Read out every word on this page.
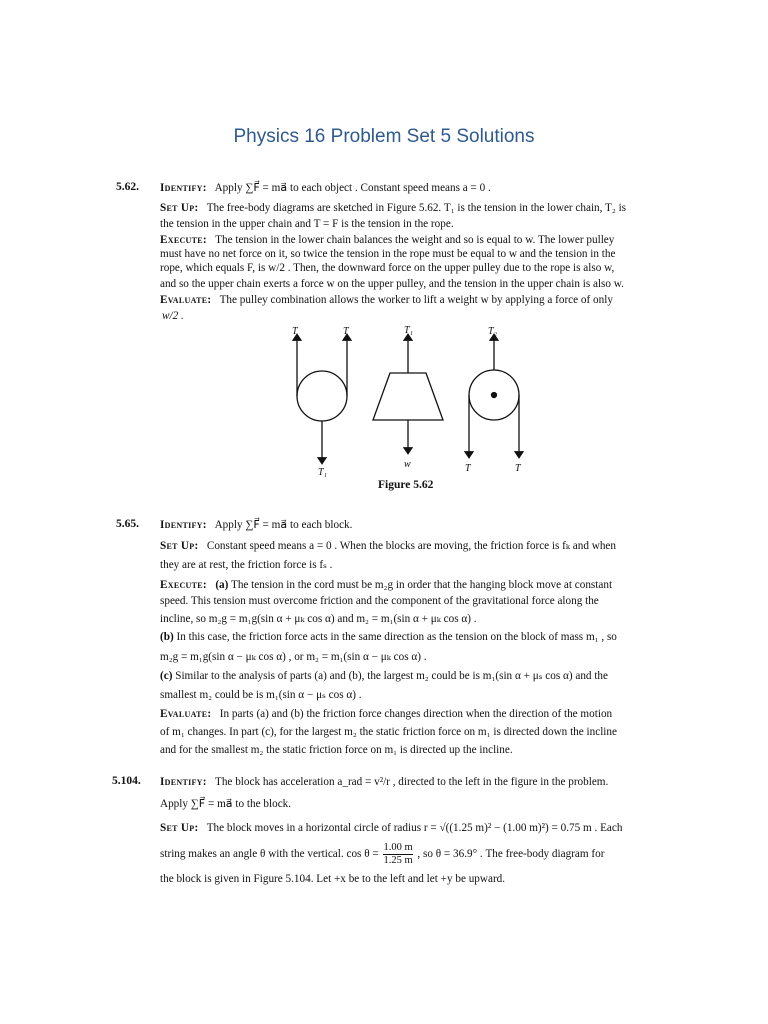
Physics 16 Problem Set 5 Solutions
5.62. Identify: Apply ∑F⃗ = ma⃗ to each object . Constant speed means a = 0 .
Set Up: The free-body diagrams are sketched in Figure 5.62. T₁ is the tension in the lower chain, T₂ is
the tension in the upper chain and T = F is the tension in the rope.
Execute: The tension in the lower chain balances the weight and so is equal to w. The lower pulley
must have no net force on it, so twice the tension in the rope must be equal to w and the tension in the
rope, which equals F, is w/2 . Then, the downward force on the upper pulley due to the rope is also w,
and so the upper chain exerts a force w on the upper pulley, and the tension in the upper chain is also w.
Evaluate: The pulley combination allows the worker to lift a weight w by applying a force of only
w/2 .
T	T
T₁
T₁
w
T₂
T	T
Figure 5.62
5.65. Identify: Apply ∑F⃗ = ma⃗ to each block.
Set Up: Constant speed means a = 0 . When the blocks are moving, the friction force is fₖ and when
they are at rest, the friction force is fₛ .
Execute: (a) The tension in the cord must be m₂g in order that the hanging block move at constant
speed. This tension must overcome friction and the component of the gravitational force along the
incline, so m₂g = m₁g(sin α + μₖ cos α) and m₂ = m₁(sin α + μₖ cos α) .
(b) In this case, the friction force acts in the same direction as the tension on the block of mass m₁ , so
m₂g = m₁g(sin α − μₖ cos α) , or m₂ = m₁(sin α − μₖ cos α) .
(c) Similar to the analysis of parts (a) and (b), the largest m₂ could be is m₁(sin α + μₛ cos α) and the
smallest m₂ could be is m₁(sin α − μₛ cos α) .
Evaluate: In parts (a) and (b) the friction force changes direction when the direction of the motion
of m₁ changes. In part (c), for the largest m₂ the static friction force on m₁ is directed down the incline
and for the smallest m₂ the static friction force on m₁ is directed up the incline.
5.104. Identify: The block has acceleration a_rad = v²/r , directed to the left in the figure in the problem.
Apply ∑F⃗ = ma⃗ to the block.
Set Up: The block moves in a horizontal circle of radius r = √((1.25 m)² − (1.00 m)²) = 0.75 m . Each
string makes an angle θ with the vertical. $\cos \theta = \frac{1.00 m}{1.25 m}$ , so θ = 36.9° . The free-body diagram for
the block is given in Figure 5.104. Let +x be to the left and let +y be upward.
